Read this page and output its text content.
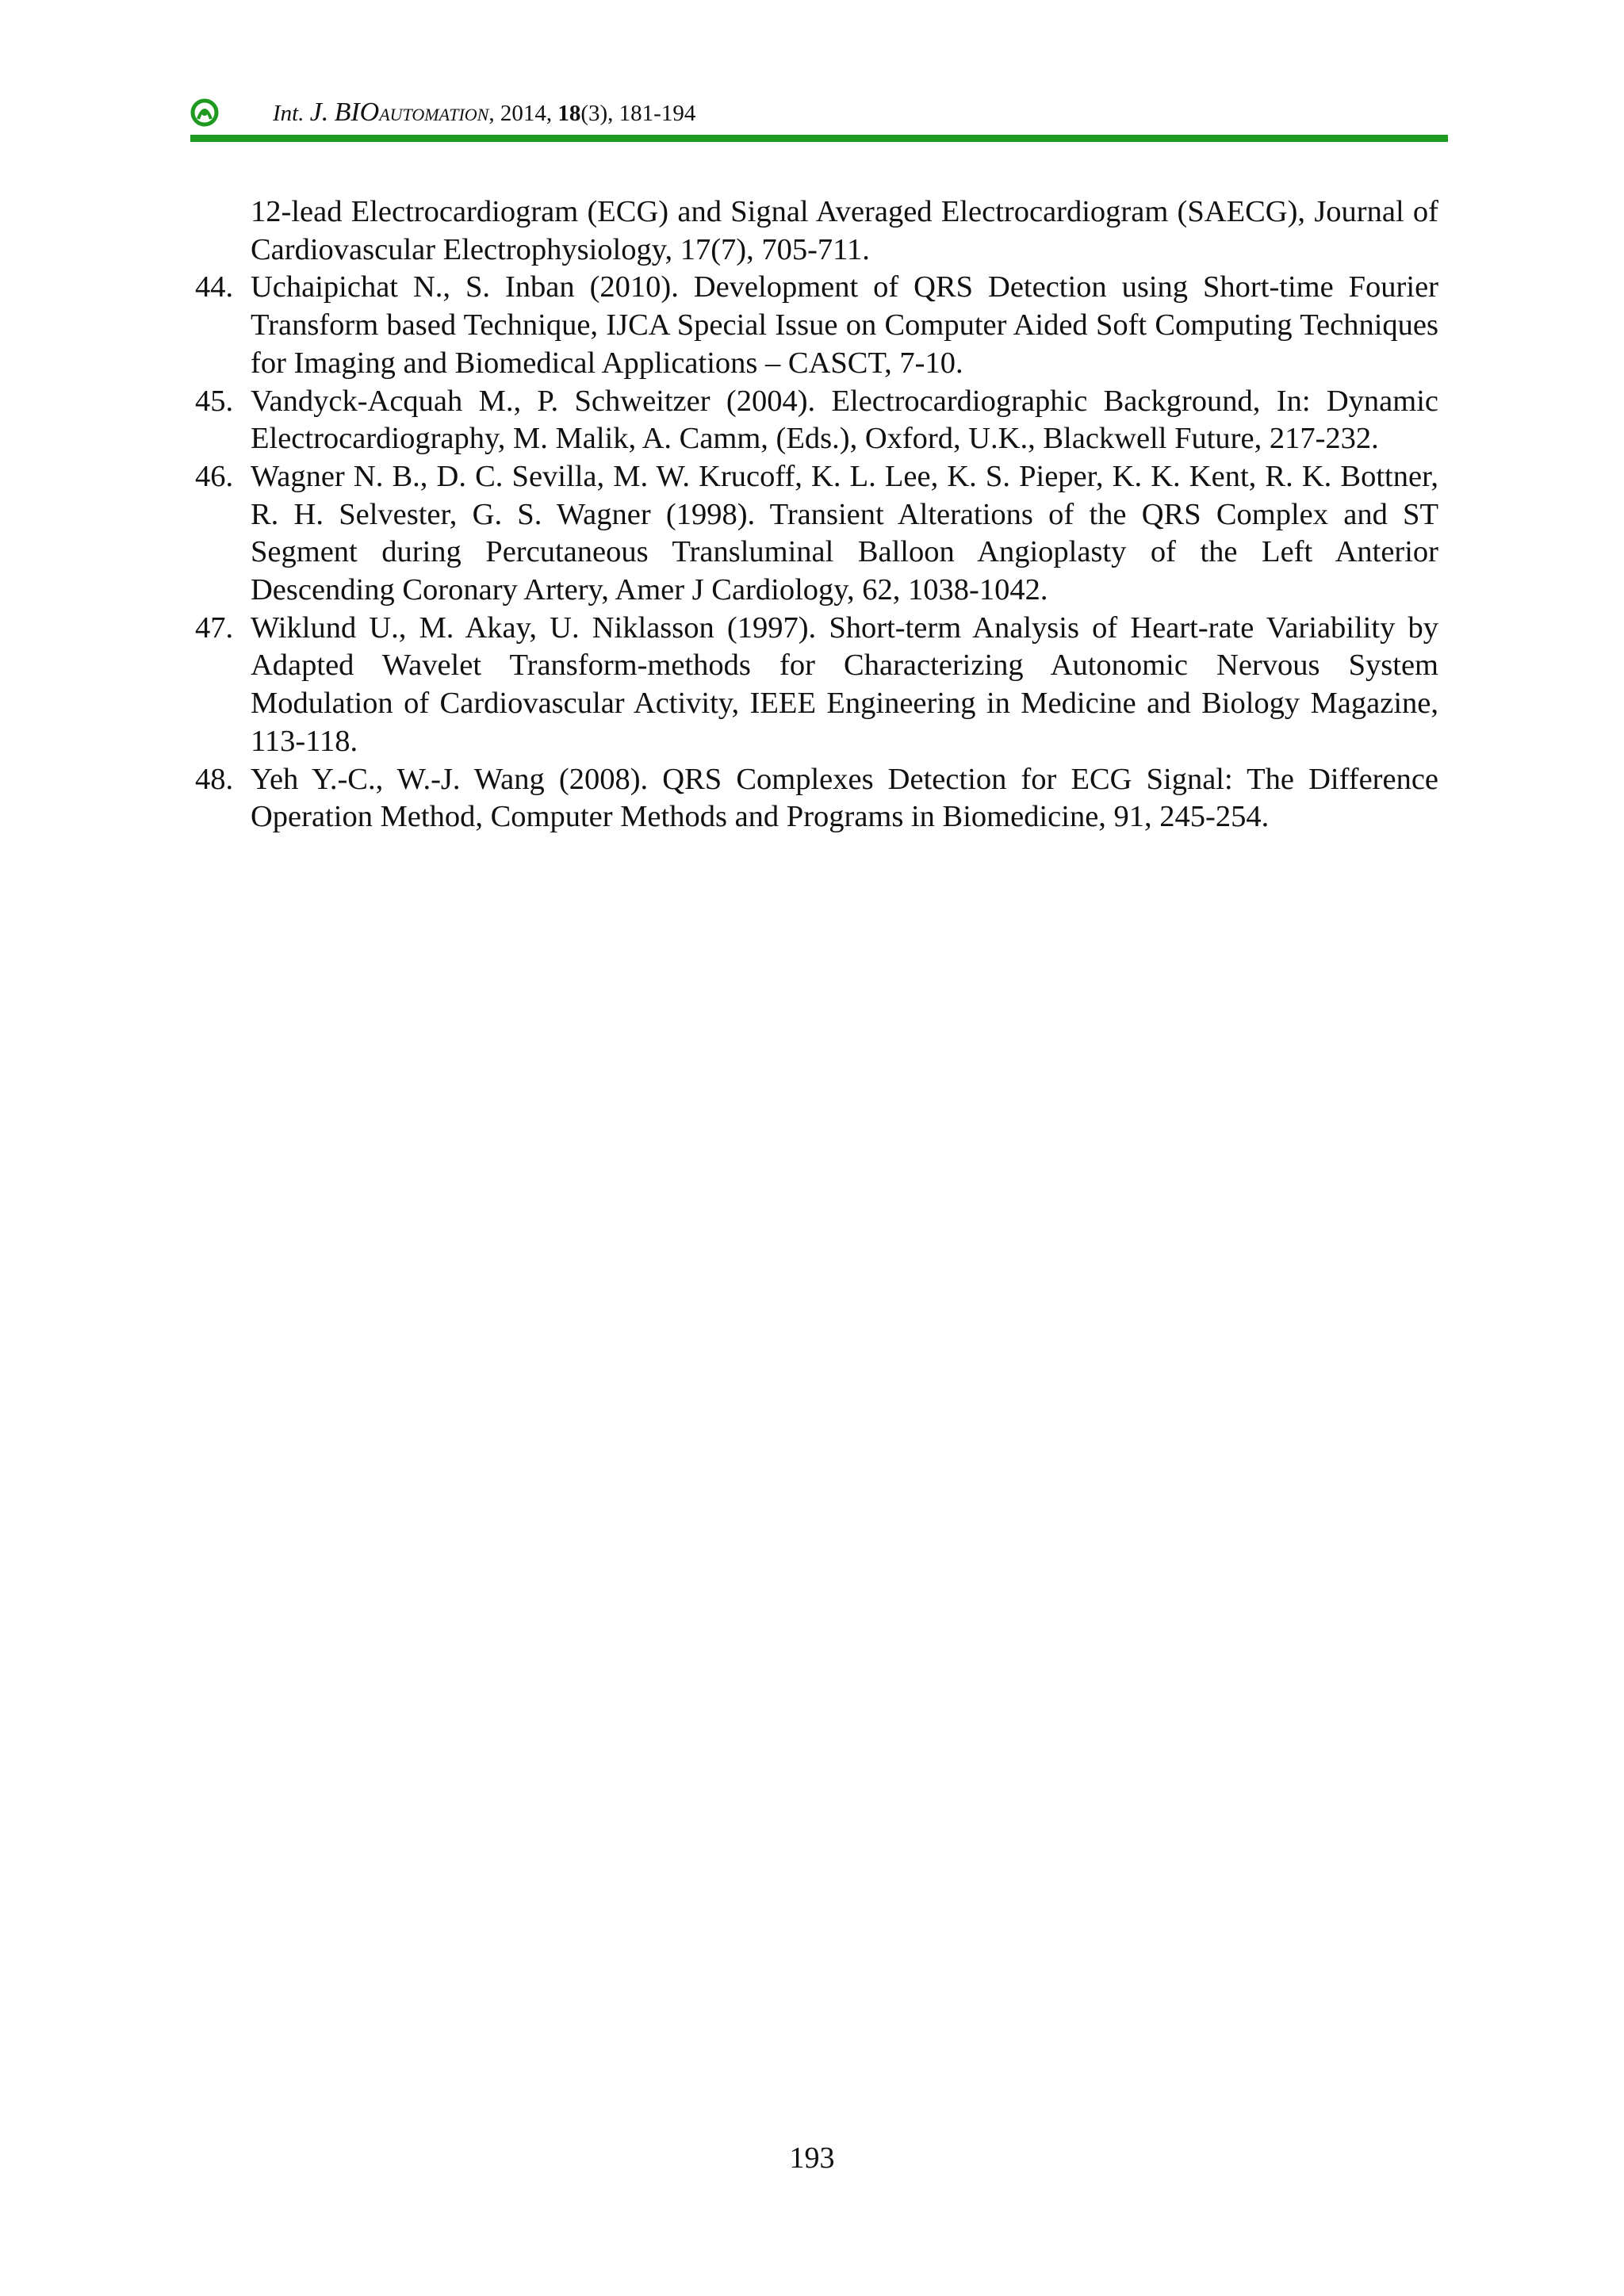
Int. J. BIOAUTOMATION, 2014, 18(3), 181-194
12-lead Electrocardiogram (ECG) and Signal Averaged Electrocardiogram (SAECG), Journal of Cardiovascular Electrophysiology, 17(7), 705-711.
44. Uchaipichat N., S. Inban (2010). Development of QRS Detection using Short-time Fourier Transform based Technique, IJCA Special Issue on Computer Aided Soft Computing Techniques for Imaging and Biomedical Applications – CASCT, 7-10.
45. Vandyck-Acquah M., P. Schweitzer (2004). Electrocardiographic Background, In: Dynamic Electrocardiography, M. Malik, A. Camm, (Eds.), Oxford, U.K., Blackwell Future, 217-232.
46. Wagner N. B., D. C. Sevilla, M. W. Krucoff, K. L. Lee, K. S. Pieper, K. K. Kent, R. K. Bottner, R. H. Selvester, G. S. Wagner (1998). Transient Alterations of the QRS Complex and ST Segment during Percutaneous Transluminal Balloon Angioplasty of the Left Anterior Descending Coronary Artery, Amer J Cardiology, 62, 1038-1042.
47. Wiklund U., M. Akay, U. Niklasson (1997). Short-term Analysis of Heart-rate Variability by Adapted Wavelet Transform-methods for Characterizing Autonomic Nervous System Modulation of Cardiovascular Activity, IEEE Engineering in Medicine and Biology Magazine, 113-118.
48. Yeh Y.-C., W.-J. Wang (2008). QRS Complexes Detection for ECG Signal: The Difference Operation Method, Computer Methods and Programs in Biomedicine, 91, 245-254.
193
